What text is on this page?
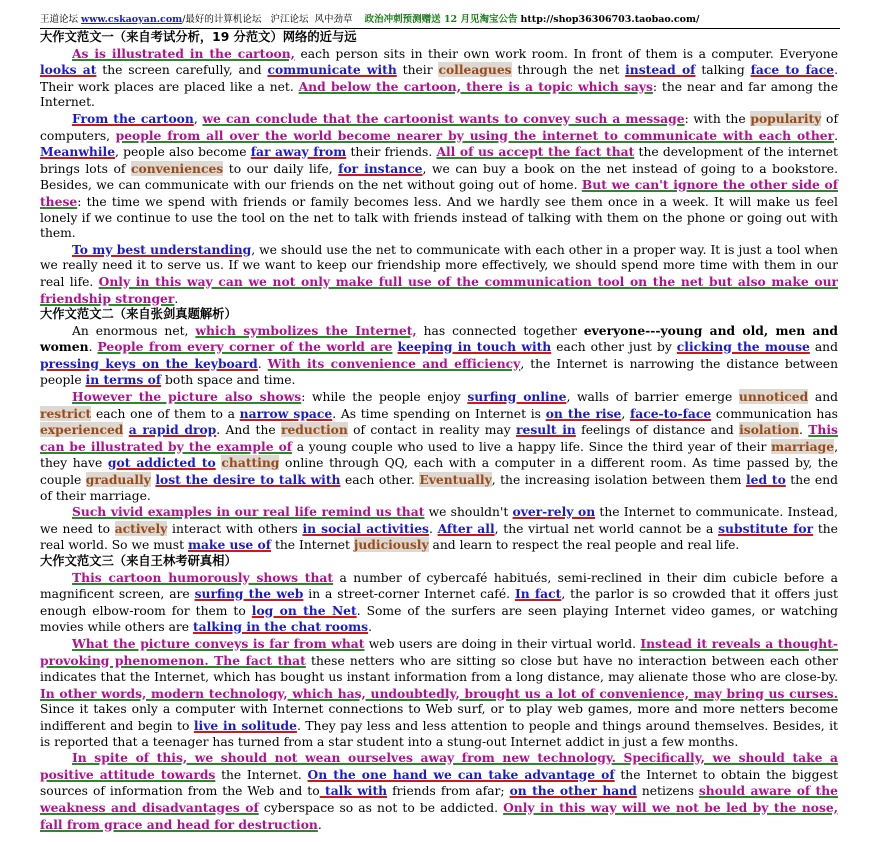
王道论坛 www.cskaoyan.com/最好的计算机论坛 沪江论坛 风中劲草 政治冲刺预测赠送 12 月见淘宝公告 http://shop36306703.taobao.com/
大作文范文一（来自考试分析，19 分范文）网络的近与远

As is illustrated in the cartoon, each person sits in their own work room. In front of them is a computer. Everyone looks at the screen carefully, and communicate with their colleagues through the net instead of talking face to face. Their work places are placed like a net. And below the cartoon, there is a topic which says: the near and far among the Internet.

From the cartoon, we can conclude that the cartoonist wants to convey such a message: with the popularity of computers, people from all over the world become nearer by using the internet to communicate with each other. Meanwhile, people also become far away from their friends. All of us accept the fact that the development of the internet brings lots of conveniences to our daily life, for instance, we can buy a book on the net instead of going to a bookstore. Besides, we can communicate with our friends on the net without going out of home. But we can't ignore the other side of these: the time we spend with friends or family becomes less. And we hardly see them once in a week. It will make us feel lonely if we continue to use the tool on the net to talk with friends instead of talking with them on the phone or going out with them.

To my best understanding, we should use the net to communicate with each other in a proper way. It is just a tool when we really need it to serve us. If we want to keep our friendship more effectively, we should spend more time with them in our real life. Only in this way can we not only make full use of the communication tool on the net but also make our friendship stronger.

大作文范文二（来自张剑真题解析）

An enormous net, which symbolizes the Internet, has connected together everyone---young and old, men and women. People from every corner of the world are keeping in touch with each other just by clicking the mouse and pressing keys on the keyboard. With its convenience and efficiency, the Internet is narrowing the distance between people in terms of both space and time.

However the picture also shows: while the people enjoy surfing online, walls of barrier emerge unnoticed and restrict each one of them to a narrow space. As time spending on Internet is on the rise, face-to-face communication has experienced a rapid drop. And the reduction of contact in reality may result in feelings of distance and isolation. This can be illustrated by the example of a young couple who used to live a happy life. Since the third year of their marriage, they have got addicted to chatting online through QQ, each with a computer in a different room. As time passed by, the couple gradually lost the desire to talk with each other. Eventually, the increasing isolation between them led to the end of their marriage.

Such vivid examples in our real life remind us that we shouldn't over-rely on the Internet to communicate. Instead, we need to actively interact with others in social activities. After all, the virtual net world cannot be a substitute for the real world. So we must make use of the Internet judiciously and learn to respect the real people and real life.

大作文范文三（来自王林考研真相）

This cartoon humorously shows that a number of cybercafé habitués, semi-reclined in their dim cubicle before a magnificent screen, are surfing the web in a street-corner Internet café. In fact, the parlor is so crowded that it offers just enough elbow-room for them to log on the Net. Some of the surfers are seen playing Internet video games, or watching movies while others are talking in the chat rooms.

What the picture conveys is far from what web users are doing in their virtual world. Instead it reveals a thought-provoking phenomenon. The fact that these netters who are sitting so close but have no interaction between each other indicates that the Internet, which has bought us instant information from a long distance, may alienate those who are close-by. In other words, modern technology, which has, undoubtedly, brought us a lot of convenience, may bring us curses. Since it takes only a computer with Internet connections to Web surf, or to play web games, more and more netters become indifferent and begin to live in solitude. They pay less and less attention to people and things around themselves. Besides, it is reported that a teenager has turned from a star student into a stung-out Internet addict in just a few months.

In spite of this, we should not wean ourselves away from new technology. Specifically, we should take a positive attitude towards the Internet. On the one hand we can take advantage of the Internet to obtain the biggest sources of information from the Web and to talk with friends from afar; on the other hand netizens should aware of the weakness and disadvantages of cyberspace so as not to be addicted. Only in this way will we not be led by the nose, fall from grace and head for destruction.
